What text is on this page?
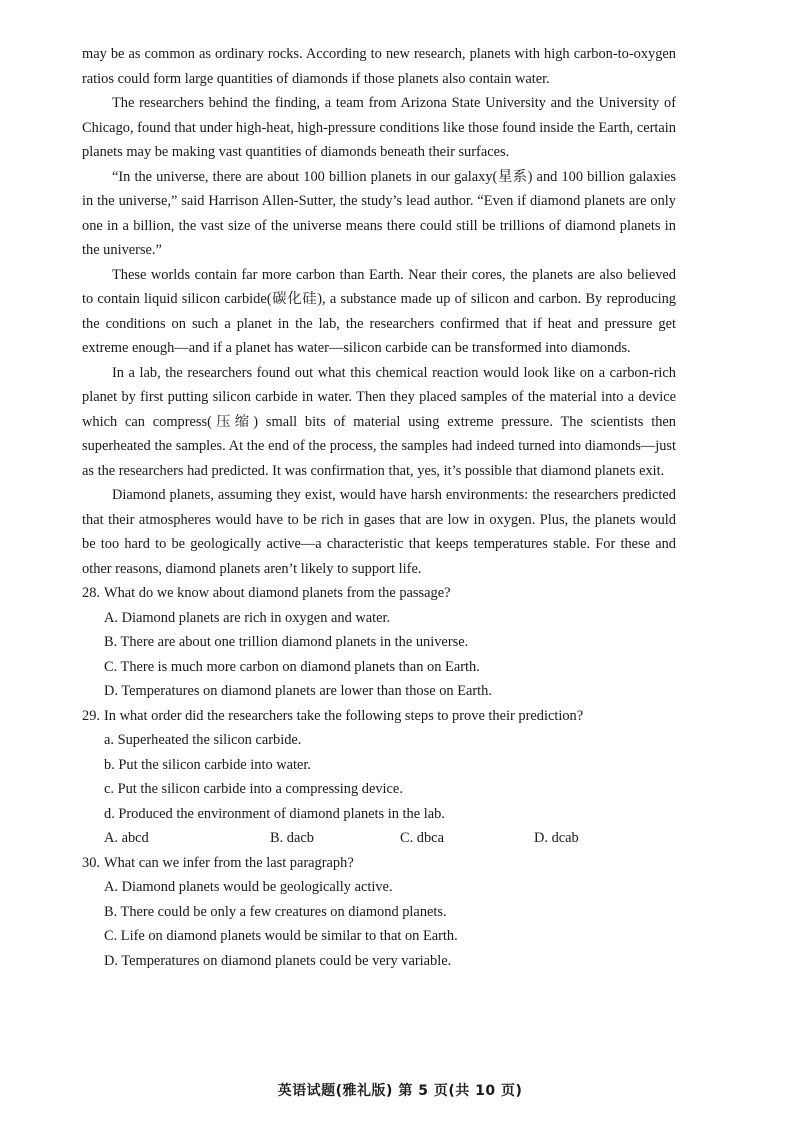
may be as common as ordinary rocks. According to new research, planets with high carbon-to-oxygen ratios could form large quantities of diamonds if those planets also contain water.

The researchers behind the finding, a team from Arizona State University and the University of Chicago, found that under high-heat, high-pressure conditions like those found inside the Earth, certain planets may be making vast quantities of diamonds beneath their surfaces.

“In the universe, there are about 100 billion planets in our galaxy(星系) and 100 billion galaxies in the universe,” said Harrison Allen-Sutter, the study’s lead author. “Even if diamond planets are only one in a billion, the vast size of the universe means there could still be trillions of diamond planets in the universe.”

These worlds contain far more carbon than Earth. Near their cores, the planets are also believed to contain liquid silicon carbide(碳化硅), a substance made up of silicon and carbon. By reproducing the conditions on such a planet in the lab, the researchers confirmed that if heat and pressure get extreme enough—and if a planet has water—silicon carbide can be transformed into diamonds.

In a lab, the researchers found out what this chemical reaction would look like on a carbon-rich planet by first putting silicon carbide in water. Then they placed samples of the material into a device which can compress(压缩) small bits of material using extreme pressure. The scientists then superheated the samples. At the end of the process, the samples had indeed turned into diamonds—just as the researchers had predicted. It was confirmation that, yes, it’s possible that diamond planets exit.

Diamond planets, assuming they exist, would have harsh environments: the researchers predicted that their atmospheres would have to be rich in gases that are low in oxygen. Plus, the planets would be too hard to be geologically active—a characteristic that keeps temperatures stable. For these and other reasons, diamond planets aren’t likely to support life.

28. What do we know about diamond planets from the passage?

A. Diamond planets are rich in oxygen and water.

B. There are about one trillion diamond planets in the universe.

C. There is much more carbon on diamond planets than on Earth.

D. Temperatures on diamond planets are lower than those on Earth.

29. In what order did the researchers take the following steps to prove their prediction?

a. Superheated the silicon carbide.

b. Put the silicon carbide into water.

c. Put the silicon carbide into a compressing device.

d. Produced the environment of diamond planets in the lab.

A. abcd	B. dacb	C. dbca	D. dcab

30. What can we infer from the last paragraph?

A. Diamond planets would be geologically active.

B. There could be only a few creatures on diamond planets.

C. Life on diamond planets would be similar to that on Earth.

D. Temperatures on diamond planets could be very variable.

英语试题(雅礼版) 第 5 页(共 10 页)
